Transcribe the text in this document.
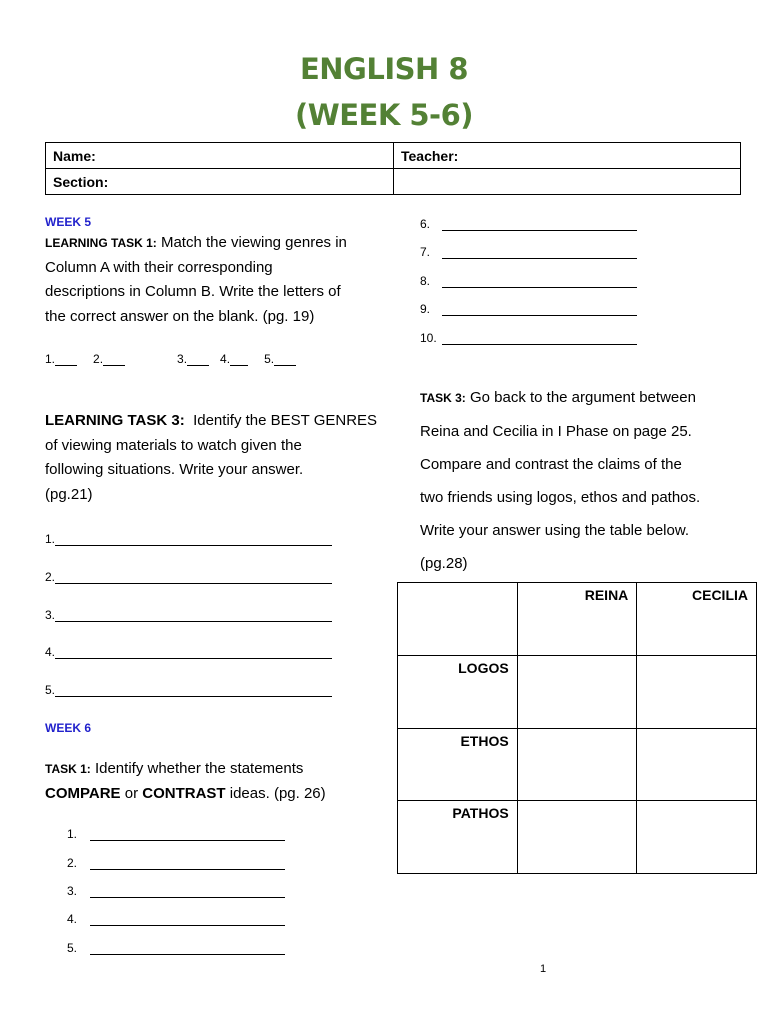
ENGLISH 8
(WEEK 5-6)
Name:	Teacher:
Section:	
WEEK 5
LEARNING TASK 1: Match the viewing genres in
Column A with their corresponding
descriptions in Column B. Write the letters of
the correct answer on the blank. (pg. 19)
1.	2.	3.	4.	5.
LEARNING TASK 3: Identify the BEST GENRES
of viewing materials to watch given the
following situations. Write your answer.
(pg.21)
1.
2.
3.
4.
5.
WEEK 6
TASK 1: Identify whether the statements
COMPARE or CONTRAST ideas. (pg. 26)
1.
2.
3.
4.
5.
6.
7.
8.
9.
10.
TASK 3: Go back to the argument between
Reina and Cecilia in I Phase on page 25.
Compare and contrast the claims of the
two friends using logos, ethos and pathos.
Write your answer using the table below.
(pg.28)
	REINA	CECILIA
LOGOS		
ETHOS		
PATHOS		
1
